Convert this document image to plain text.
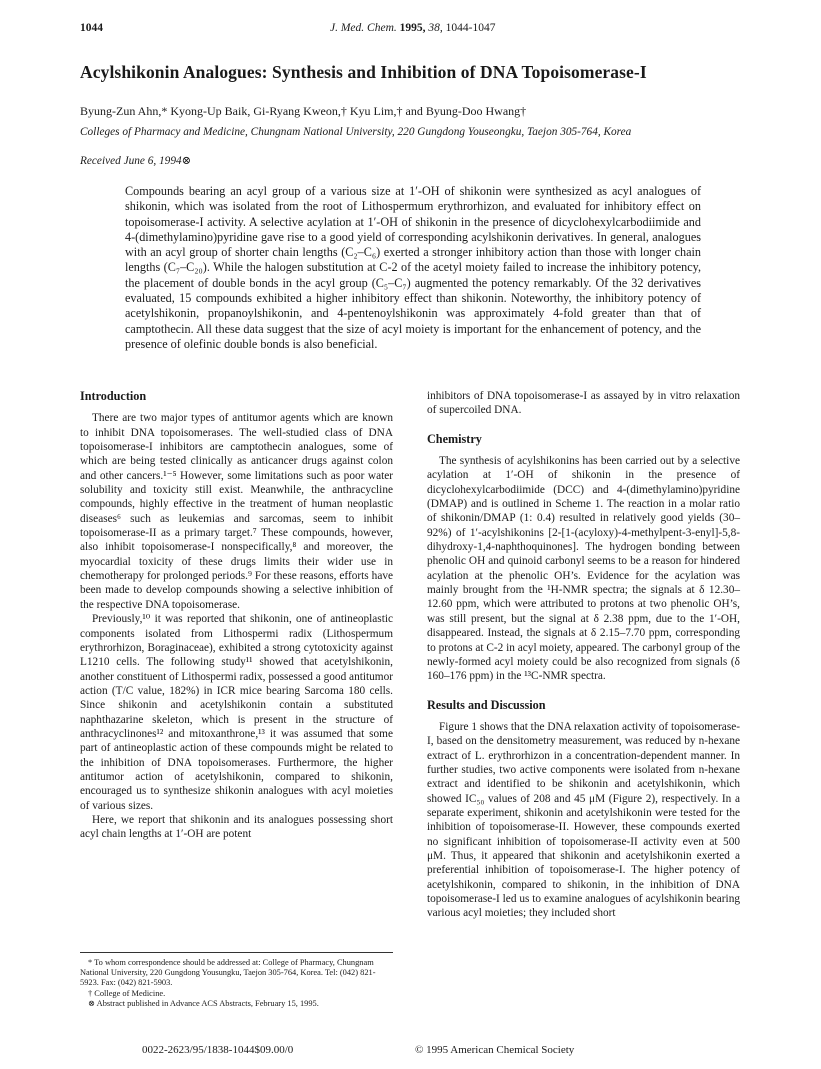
1044	J. Med. Chem. 1995, 38, 1044-1047
Acylshikonin Analogues: Synthesis and Inhibition of DNA Topoisomerase-I
Byung-Zun Ahn,* Kyong-Up Baik, Gi-Ryang Kweon,† Kyu Lim,† and Byung-Doo Hwang†
Colleges of Pharmacy and Medicine, Chungnam National University, 220 Gungdong Youseongku, Taejon 305-764, Korea
Received June 6, 1994⊗

Compounds bearing an acyl group of a various size at 1′-OH of shikonin were synthesized as acyl analogues of shikonin, which was isolated from the root of Lithospermum erythrorhizon, and evaluated for inhibitory effect on topoisomerase-I activity. A selective acylation at 1′-OH of shikonin in the presence of dicyclohexylcarbodiimide and 4-(dimethylamino)pyridine gave rise to a good yield of corresponding acylshikonin derivatives. In general, analogues with an acyl group of shorter chain lengths (C₂–C₆) exerted a stronger inhibitory action than those with longer chain lengths (C₇–C₂₀). While the halogen substitution at C-2 of the acetyl moiety failed to increase the inhibitory potency, the placement of double bonds in the acyl group (C₅–C₇) augmented the potency remarkably. Of the 32 derivatives evaluated, 15 compounds exhibited a higher inhibitory effect than shikonin. Noteworthy, the inhibitory potency of acetylshikonin, propanoylshikonin, and 4-pentenoylshikonin was approximately 4-fold greater than that of camptothecin. All these data suggest that the size of acyl moiety is important for the enhancement of potency, and the presence of olefinic double bonds is also beneficial.

Introduction

There are two major types of antitumor agents which are known to inhibit DNA topoisomerases. The well-studied class of DNA topoisomerase-I inhibitors are camptothecin analogues, some of which are being tested clinically as anticancer drugs against colon and other cancers.¹⁻⁵ However, some limitations such as poor water solubility and toxicity still exist. Meanwhile, the anthracycline compounds, highly effective in the treatment of human neoplastic diseases⁶ such as leukemias and sarcomas, seem to inhibit topoisomerase-II as a primary target.⁷ These compounds, however, also inhibit topoisomerase-I nonspecifically,⁸ and moreover, the myocardial toxicity of these drugs limits their wider use in chemotherapy for prolonged periods.⁹ For these reasons, efforts have been made to develop compounds showing a selective inhibition of the respective DNA topoisomerase.

Previously,¹⁰ it was reported that shikonin, one of antineoplastic components isolated from Lithospermi radix (Lithospermum erythrorhizon, Boraginaceae), exhibited a strong cytotoxicity against L1210 cells. The following study¹¹ showed that acetylshikonin, another constituent of Lithospermi radix, possessed a good antitumor action (T/C value, 182%) in ICR mice bearing Sarcoma 180 cells. Since shikonin and acetylshikonin contain a substituted naphthazarine skeleton, which is present in the structure of anthracyclinones¹² and mitoxanthrone,¹³ it was assumed that some part of antineoplastic action of these compounds might be related to the inhibition of DNA topoisomerases. Furthermore, the higher antitumor action of acetylshikonin, compared to shikonin, encouraged us to synthesize shikonin analogues with acyl moieties of various sizes.

Here, we report that shikonin and its analogues possessing short acyl chain lengths at 1′-OH are potent

* To whom correspondence should be addressed at: College of Pharmacy, Chungnam National University, 220 Gungdong Yousungku, Taejon 305-764, Korea. Tel: (042) 821-5923. Fax: (042) 821-5903.
† College of Medicine.
⊗ Abstract published in Advance ACS Abstracts, February 15, 1995.

inhibitors of DNA topoisomerase-I as assayed by in vitro relaxation of supercoiled DNA.

Chemistry

The synthesis of acylshikonins has been carried out by a selective acylation at 1′-OH of shikonin in the presence of dicyclohexylcarbodiimide (DCC) and 4-(dimethylamino)pyridine (DMAP) and is outlined in Scheme 1. The reaction in a molar ratio of shikonin/DMAP (1: 0.4) resulted in relatively good yields (30–92%) of 1′-acylshikonins [2-[1-(acyloxy)-4-methylpent-3-enyl]-5,8-dihydroxy-1,4-naphthoquinones]. The hydrogen bonding between phenolic OH and quinoid carbonyl seems to be a reason for hindered acylation at the phenolic OH’s. Evidence for the acylation was mainly brought from the ¹H-NMR spectra; the signals at δ 12.30–12.60 ppm, which were attributed to protons at two phenolic OH’s, was still present, but the signal at δ 2.38 ppm, due to the 1′-OH, disappeared. Instead, the signals at δ 2.15–7.70 ppm, corresponding to protons at C-2 in acyl moiety, appeared. The carbonyl group of the newly-formed acyl moiety could be also recognized from signals (δ 160–176 ppm) in the ¹³C-NMR spectra.

Results and Discussion

Figure 1 shows that the DNA relaxation activity of topoisomerase-I, based on the densitometry measurement, was reduced by n-hexane extract of L. erythrorhizon in a concentration-dependent manner. In further studies, two active components were isolated from n-hexane extract and identified to be shikonin and acetylshikonin, which showed IC₅₀ values of 208 and 45 μM (Figure 2), respectively. In a separate experiment, shikonin and acetylshikonin were tested for the inhibition of topoisomerase-II. However, these compounds exerted no significant inhibition of topoisomerase-II activity even at 500 μM. Thus, it appeared that shikonin and acetylshikonin exerted a preferential inhibition of topoisomerase-I. The higher potency of acetylshikonin, compared to shikonin, in the inhibition of DNA topoisomerase-I led us to examine analogues of acylshikonin bearing various acyl moieties; they included short

0022-2623/95/1838-1044$09.00/0	© 1995 American Chemical Society
